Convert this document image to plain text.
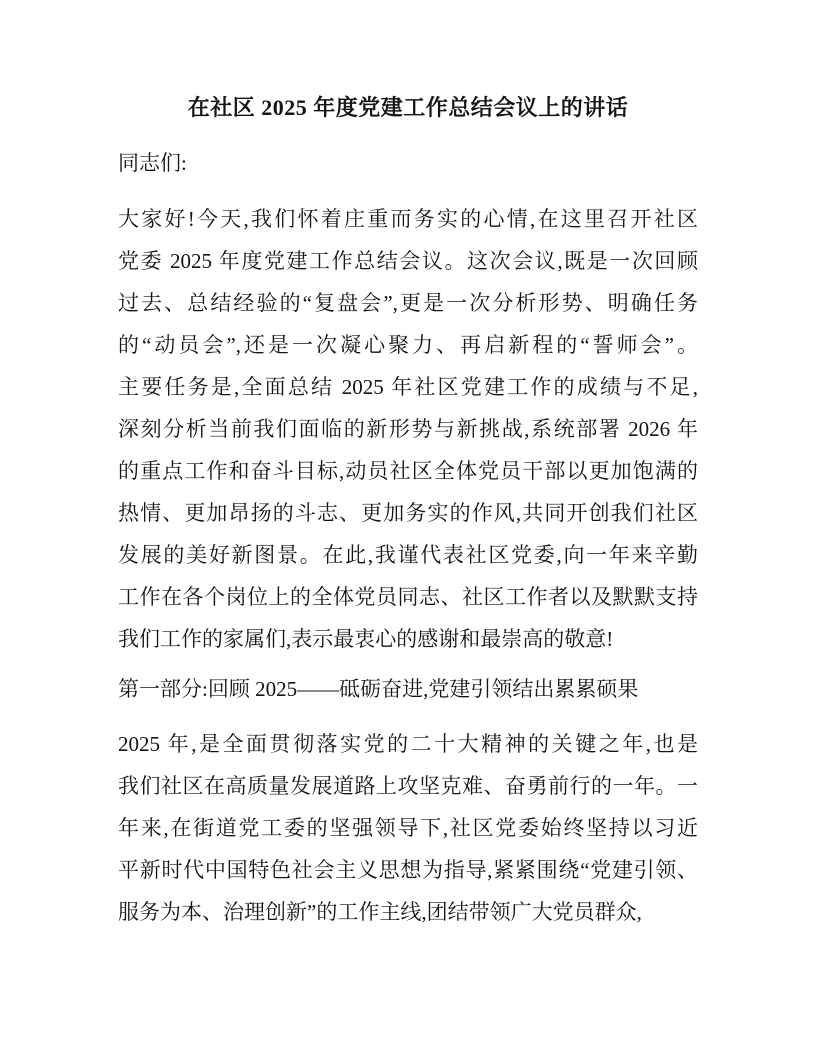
在社区 2025 年度党建工作总结会议上的讲话

同志们:

大家好!今天,我们怀着庄重而务实的心情,在这里召开社区
党委 2025 年度党建工作总结会议。这次会议,既是一次回顾
过去、总结经验的“复盘会”,更是一次分析形势、明确任务
的“动员会”,还是一次凝心聚力、再启新程的“誓师会”。
主要任务是,全面总结 2025 年社区党建工作的成绩与不足,
深刻分析当前我们面临的新形势与新挑战,系统部署 2026 年
的重点工作和奋斗目标,动员社区全体党员干部以更加饱满的
热情、更加昂扬的斗志、更加务实的作风,共同开创我们社区
发展的美好新图景。在此,我谨代表社区党委,向一年来辛勤
工作在各个岗位上的全体党员同志、社区工作者以及默默支持
我们工作的家属们,表示最衷心的感谢和最崇高的敬意!
第一部分:回顾 2025——砥砺奋进,党建引领结出累累硕果
2025 年,是全面贯彻落实党的二十大精神的关键之年,也是
我们社区在高质量发展道路上攻坚克难、奋勇前行的一年。一
年来,在街道党工委的坚强领导下,社区党委始终坚持以习近
平新时代中国特色社会主义思想为指导,紧紧围绕“党建引领、
服务为本、治理创新”的工作主线,团结带领广大党员群众,
